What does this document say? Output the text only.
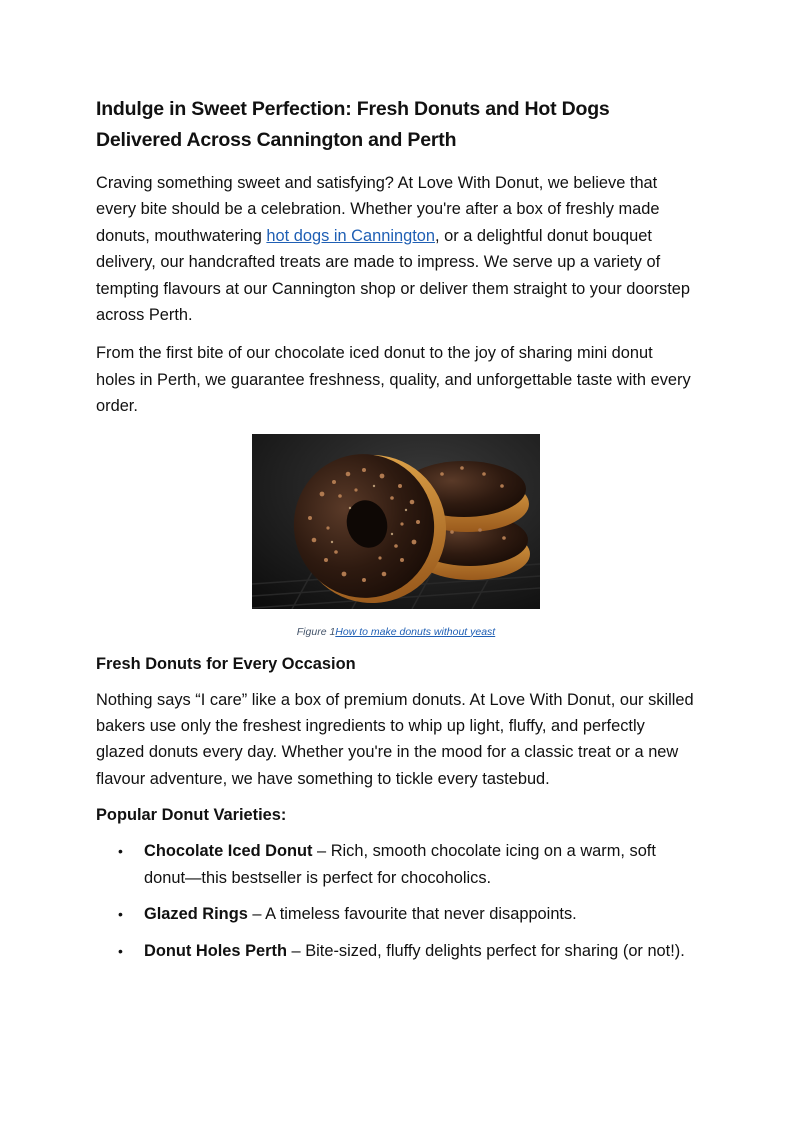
Indulge in Sweet Perfection: Fresh Donuts and Hot Dogs Delivered Across Cannington and Perth

Craving something sweet and satisfying? At Love With Donut, we believe that every bite should be a celebration. Whether you're after a box of freshly made donuts, mouthwatering hot dogs in Cannington, or a delightful donut bouquet delivery, our handcrafted treats are made to impress. We serve up a variety of tempting flavours at our Cannington shop or deliver them straight to your doorstep across Perth.

From the first bite of our chocolate iced donut to the joy of sharing mini donut holes in Perth, we guarantee freshness, quality, and unforgettable taste with every order.

Figure 1How to make donuts without yeast
Fresh Donuts for Every Occasion

Nothing says “I care” like a box of premium donuts. At Love With Donut, our skilled bakers use only the freshest ingredients to whip up light, fluffy, and perfectly glazed donuts every day. Whether you're in the mood for a classic treat or a new flavour adventure, we have something to tickle every tastebud.

Popular Donut Varieties:
• Chocolate Iced Donut – Rich, smooth chocolate icing on a warm, soft donut—this bestseller is perfect for chocoholics.
• Glazed Rings – A timeless favourite that never disappoints.
• Donut Holes Perth – Bite-sized, fluffy delights perfect for sharing (or not!).
